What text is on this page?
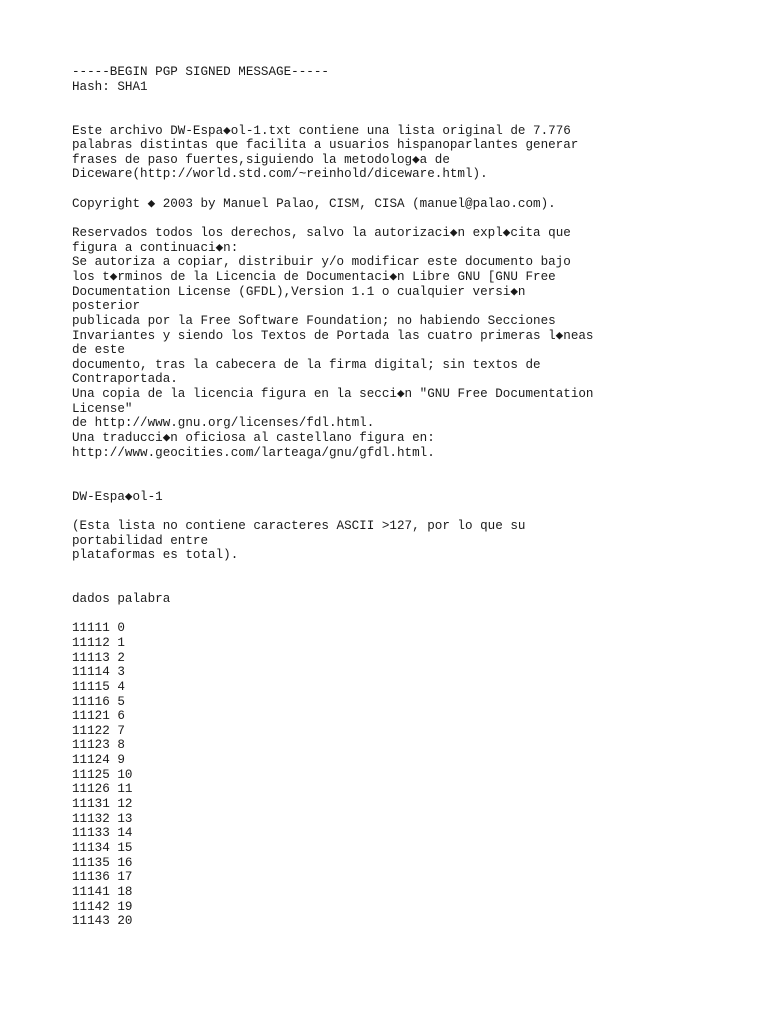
-----BEGIN PGP SIGNED MESSAGE-----
Hash: SHA1
Este archivo DW-Espa◆ol-1.txt contiene una lista original de 7.776
palabras distintas que facilita a usuarios hispanoparlantes generar
frases de paso fuertes,siguiendo la metodolog◆a de
Diceware(http://world.std.com/~reinhold/diceware.html).
Copyright ◆ 2003 by Manuel Palao, CISM, CISA (manuel@palao.com).
Reservados todos los derechos, salvo la autorizaci◆n expl◆cita que
figura a continuaci◆n:
Se autoriza a copiar, distribuir y/o modificar este documento bajo
los t◆rminos de la Licencia de Documentaci◆n Libre GNU [GNU Free
Documentation License (GFDL),Version 1.1 o cualquier versi◆n
posterior
publicada por la Free Software Foundation; no habiendo Secciones
Invariantes y siendo los Textos de Portada las cuatro primeras l◆neas
de este
documento, tras la cabecera de la firma digital; sin textos de
Contraportada.
Una copia de la licencia figura en la secci◆n "GNU Free Documentation
License"
de http://www.gnu.org/licenses/fdl.html.
Una traducci◆n oficiosa al castellano figura en:
http://www.geocities.com/larteaga/gnu/gfdl.html.
DW-Espa◆ol-1
(Esta lista no contiene caracteres ASCII >127, por lo que su
portabilidad entre
plataformas es total).
dados palabra
11111 0
11112 1
11113 2
11114 3
11115 4
11116 5
11121 6
11122 7
11123 8
11124 9
11125 10
11126 11
11131 12
11132 13
11133 14
11134 15
11135 16
11136 17
11141 18
11142 19
11143 20
